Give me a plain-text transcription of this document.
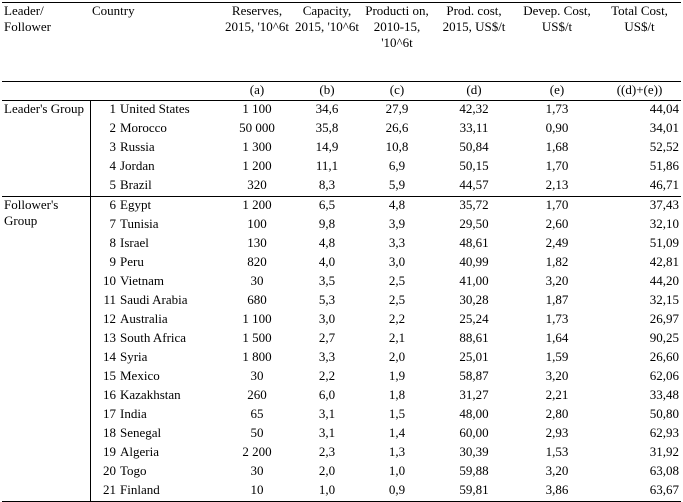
Leader/ Follower	Country		Reserves, 2015, '10^6t	Capacity, 2015, '10^6t	Producti on, 2010-15, '10^6t	Prod. cost, 2015, US$/t	Devep. Cost, US$/t	Total Cost, US$/t
			(a)	(b)	(c)	(d)	(e)	((d)+(e))
Leader's Group	1	United States	1 100	34,6	27,9	42,32	1,73	44,04
	2	Morocco	50 000	35,8	26,6	33,11	0,90	34,01
	3	Russia	1 300	14,9	10,8	50,84	1,68	52,52
	4	Jordan	1 200	11,1	6,9	50,15	1,70	51,86
	5	Brazil	320	8,3	5,9	44,57	2,13	46,71
Follower's Group	6	Egypt	1 200	6,5	4,8	35,72	1,70	37,43
	7	Tunisia	100	9,8	3,9	29,50	2,60	32,10
	8	Israel	130	4,8	3,3	48,61	2,49	51,09
	9	Peru	820	4,0	3,0	40,99	1,82	42,81
	10	Vietnam	30	3,5	2,5	41,00	3,20	44,20
	11	Saudi Arabia	680	5,3	2,5	30,28	1,87	32,15
	12	Australia	1 100	3,0	2,2	25,24	1,73	26,97
	13	South Africa	1 500	2,7	2,1	88,61	1,64	90,25
	14	Syria	1 800	3,3	2,0	25,01	1,59	26,60
	15	Mexico	30	2,2	1,9	58,87	3,20	62,06
	16	Kazakhstan	260	6,0	1,8	31,27	2,21	33,48
	17	India	65	3,1	1,5	48,00	2,80	50,80
	18	Senegal	50	3,1	1,4	60,00	2,93	62,93
	19	Algeria	2 200	2,3	1,3	30,39	1,53	31,92
	20	Togo	30	2,0	1,0	59,88	3,20	63,08
	21	Finland	10	1,0	0,9	59,81	3,86	63,67
